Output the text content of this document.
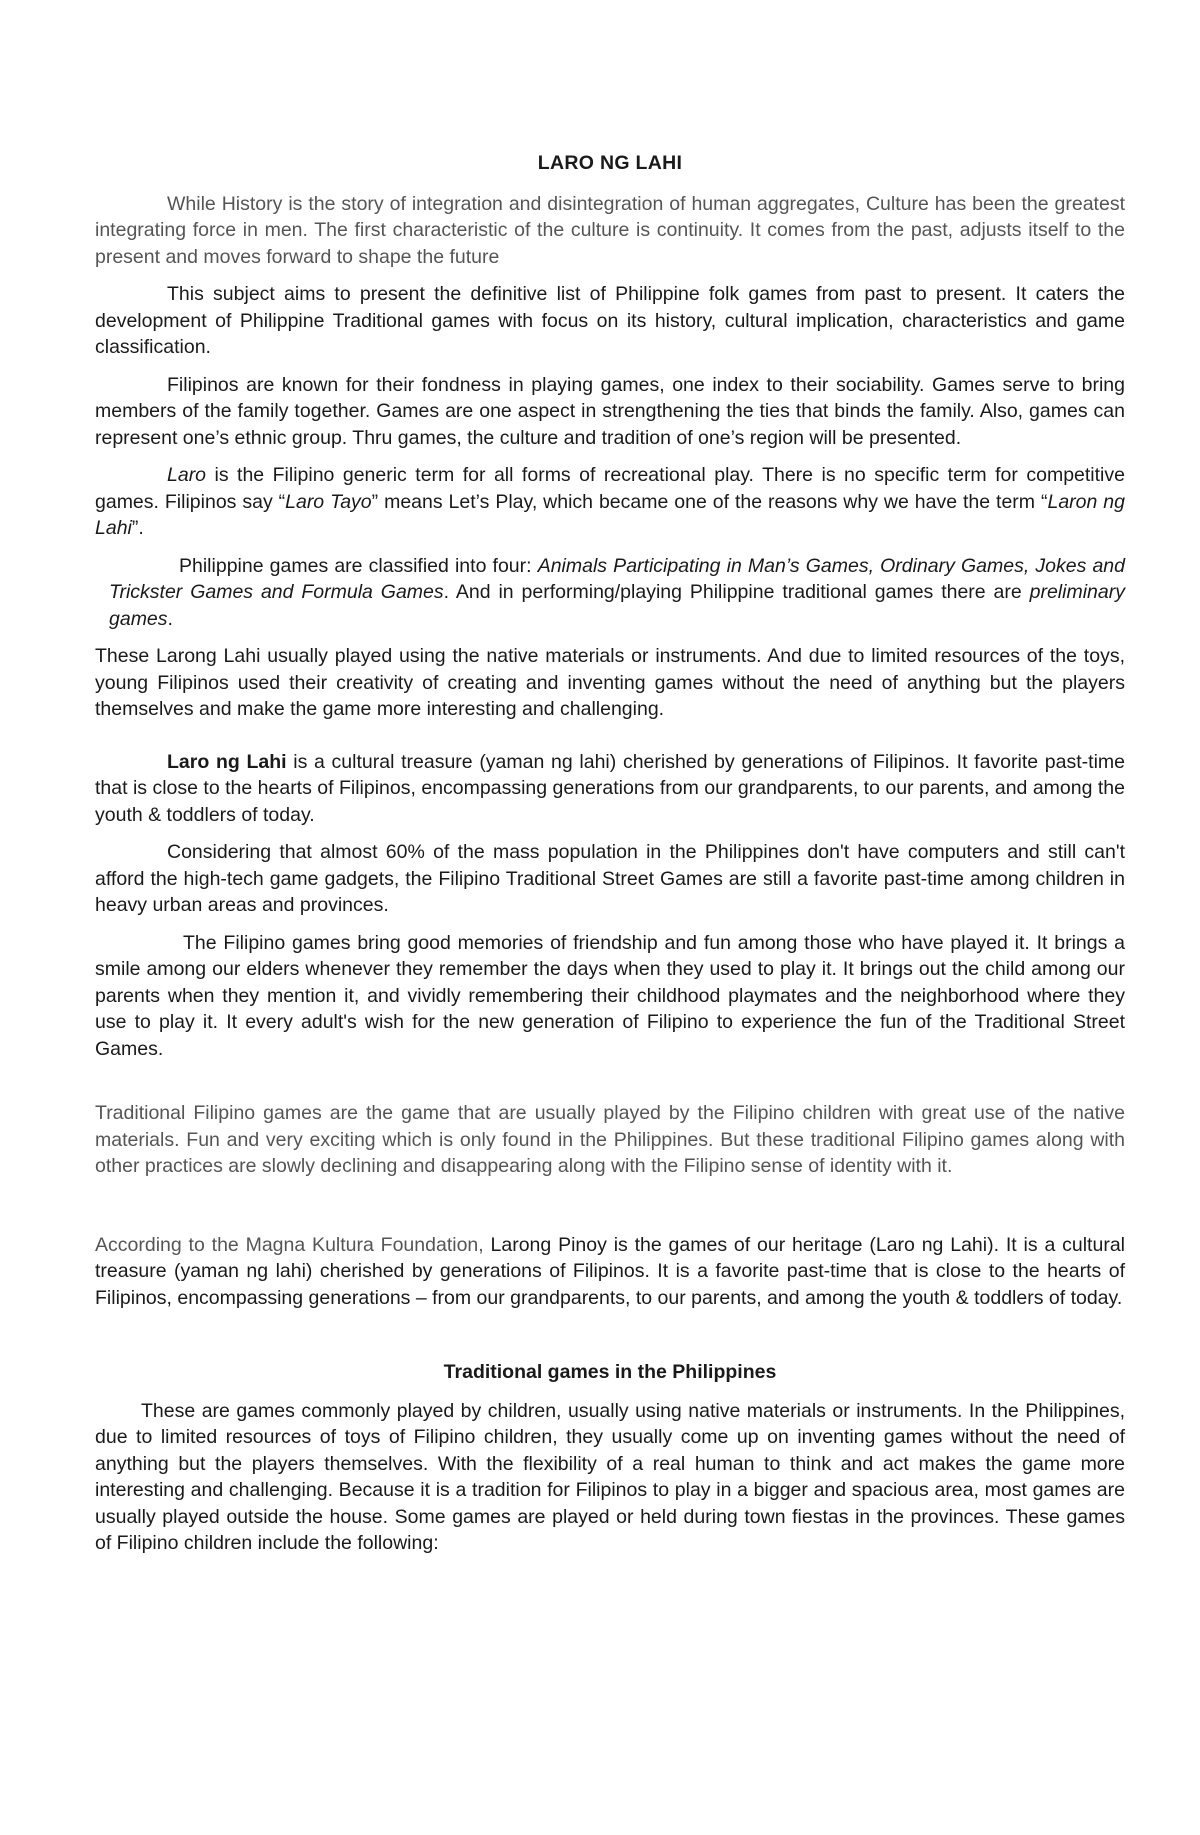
LARO NG LAHI

While History is the story of integration and disintegration of human aggregates, Culture has been the greatest integrating force in men. The first characteristic of the culture is continuity. It comes from the past, adjusts itself to the present and moves forward to shape the future

This subject aims to present the definitive list of Philippine folk games from past to present. It caters the development of Philippine Traditional games with focus on its history, cultural implication, characteristics and game classification.

Filipinos are known for their fondness in playing games, one index to their sociability. Games serve to bring members of the family together. Games are one aspect in strengthening the ties that binds the family. Also, games can represent one’s ethnic group. Thru games, the culture and tradition of one’s region will be presented.

Laro is the Filipino generic term for all forms of recreational play. There is no specific term for competitive games. Filipinos say “Laro Tayo” means Let’s Play, which became one of the reasons why we have the term “Laron ng Lahi”.

Philippine games are classified into four: Animals Participating in Man’s Games, Ordinary Games, Jokes and Trickster Games and Formula Games. And in performing/playing Philippine traditional games there are preliminary games.

These Larong Lahi usually played using the native materials or instruments. And due to limited resources of the toys, young Filipinos used their creativity of creating and inventing games without the need of anything but the players themselves and make the game more interesting and challenging.

Laro ng Lahi is a cultural treasure (yaman ng lahi) cherished by generations of Filipinos. It favorite past-time that is close to the hearts of Filipinos, encompassing generations from our grandparents, to our parents, and among the youth & toddlers of today.

Considering that almost 60% of the mass population in the Philippines don't have computers and still can't afford the high-tech game gadgets, the Filipino Traditional Street Games are still a favorite past-time among children in heavy urban areas and provinces.

The Filipino games bring good memories of friendship and fun among those who have played it. It brings a smile among our elders whenever they remember the days when they used to play it. It brings out the child among our parents when they mention it, and vividly remembering their childhood playmates and the neighborhood where they use to play it. It every adult's wish for the new generation of Filipino to experience the fun of the Traditional Street Games.

Traditional Filipino games are the game that are usually played by the Filipino children with great use of the native materials. Fun and very exciting which is only found in the Philippines. But these traditional Filipino games along with other practices are slowly declining and disappearing along with the Filipino sense of identity with it.

According to the Magna Kultura Foundation, Larong Pinoy is the games of our heritage (Laro ng Lahi). It is a cultural treasure (yaman ng lahi) cherished by generations of Filipinos. It is a favorite past-time that is close to the hearts of Filipinos, encompassing generations – from our grandparents, to our parents, and among the youth & toddlers of today.

Traditional games in the Philippines

These are games commonly played by children, usually using native materials or instruments. In the Philippines, due to limited resources of toys of Filipino children, they usually come up on inventing games without the need of anything but the players themselves. With the flexibility of a real human to think and act makes the game more interesting and challenging. Because it is a tradition for Filipinos to play in a bigger and spacious area, most games are usually played outside the house. Some games are played or held during town fiestas in the provinces. These games of Filipino children include the following:
